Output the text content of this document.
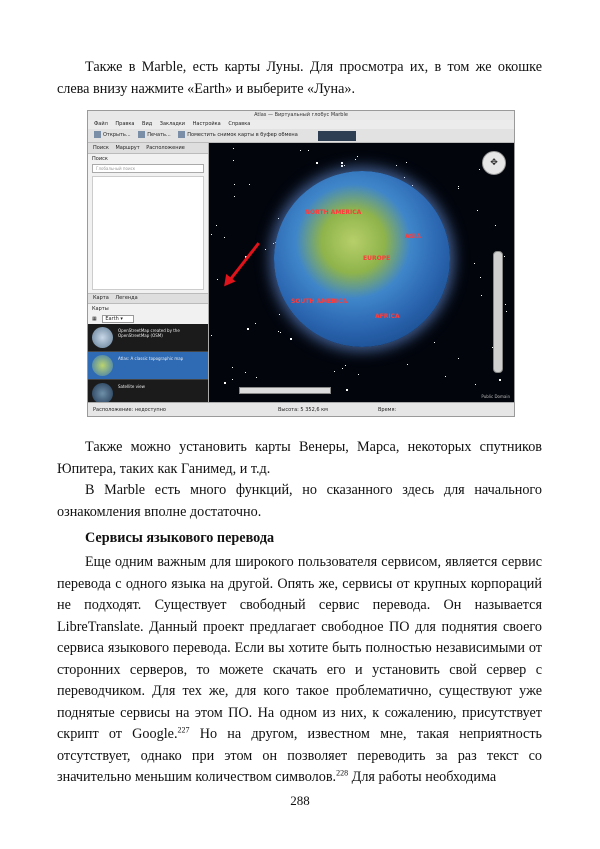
Также в Marble, есть карты Луны. Для просмотра их, в том же окошке слева внизу нажмите «Earth» и выберите «Луна».

Atlas — Виртуальный глобус Marble
Файл Правка Вид Закладки Настройка Справка
Открыть...	Печать...	Поместить снимок карты в буфер обмена
Поиск Маршрут Расположение
Поиск
Глобальный поиск
Карта Легенда
Карты
▦ Earth ▾
OpenStreetMap created by the OpenStreetMap (OSM)
Atlas: A classic topographic map
Satellite view
NORTH AMERICA
ASIA
EUROPE
SOUTH AMERICA
AFRICA
✥
Public Domain
Расположение: недоступно	Высота: 5 352,6 км	Время:

Также можно установить карты Венеры, Марса, некоторых спутников Юпитера, таких как Ганимед, и т.д.

В Marble есть много функций, но сказанного здесь для начального ознакомления вполне достаточно.

Сервисы языкового перевода

Еще одним важным для широкого пользователя сервисом, является сервис перевода с одного языка на другой. Опять же, сервисы от крупных корпораций не подходят. Существует свободный сервис перевода. Он называется LibreTranslate. Данный проект предлагает свободное ПО для поднятия своего сервиса языкового перевода. Если вы хотите быть полностью независимыми от сторонних серверов, то можете скачать его и установить свой сервер с переводчиком. Для тех же, для кого такое проблематично, существуют уже поднятые сервисы на этом ПО. На одном из них, к сожалению, присутствует скрипт от Google.$^{227}$ Но на другом, известном мне, такая неприятность отсутствует, однако при этом он позволяет переводить за раз текст со значительно меньшим количеством символов.$^{228}$ Для работы необходима

288
